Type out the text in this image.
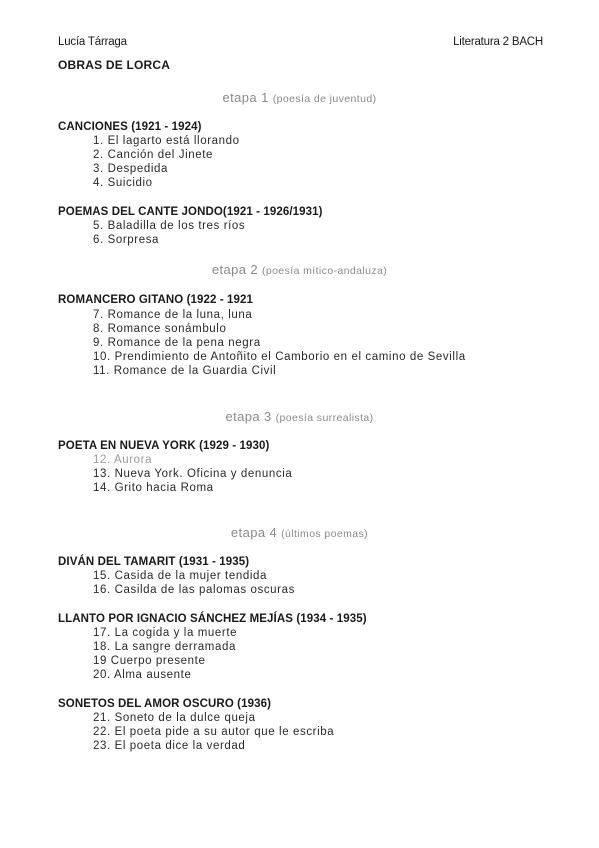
Lucía Tárraga	Literatura 2 BACH
OBRAS DE LORCA
etapa 1 (poesía de juventud)
CANCIONES (1921 - 1924)
1. El lagarto está llorando
2. Canción del Jinete
3. Despedida
4. Suicidio
POEMAS DEL CANTE JONDO(1921 - 1926/1931)
5. Baladilla de los tres ríos
6. Sorpresa
etapa 2 (poesía mítico-andaluza)
ROMANCERO GITANO (1922 - 1921
7. Romance de la luna, luna
8. Romance sonámbulo
9. Romance de la pena negra
10. Prendimiento de Antoñito el Camborio en el camino de Sevilla
11. Romance de la Guardia Civil
etapa 3 (poesía surrealista)
POETA EN NUEVA YORK (1929 - 1930)
12. Aurora
13. Nueva York. Oficina y denuncia
14. Grito hacia Roma
etapa 4 (últimos poemas)
DIVÁN DEL TAMARIT (1931 - 1935)
15. Casida de la mujer tendida
16. Casilda de las palomas oscuras
LLANTO POR IGNACIO SÁNCHEZ MEJÍAS (1934 - 1935)
17. La cogida y la muerte
18. La sangre derramada
19 Cuerpo presente
20. Alma ausente
SONETOS DEL AMOR OSCURO (1936)
21. Soneto de la dulce queja
22. El poeta pide a su autor que le escriba
23. El poeta dice la verdad
